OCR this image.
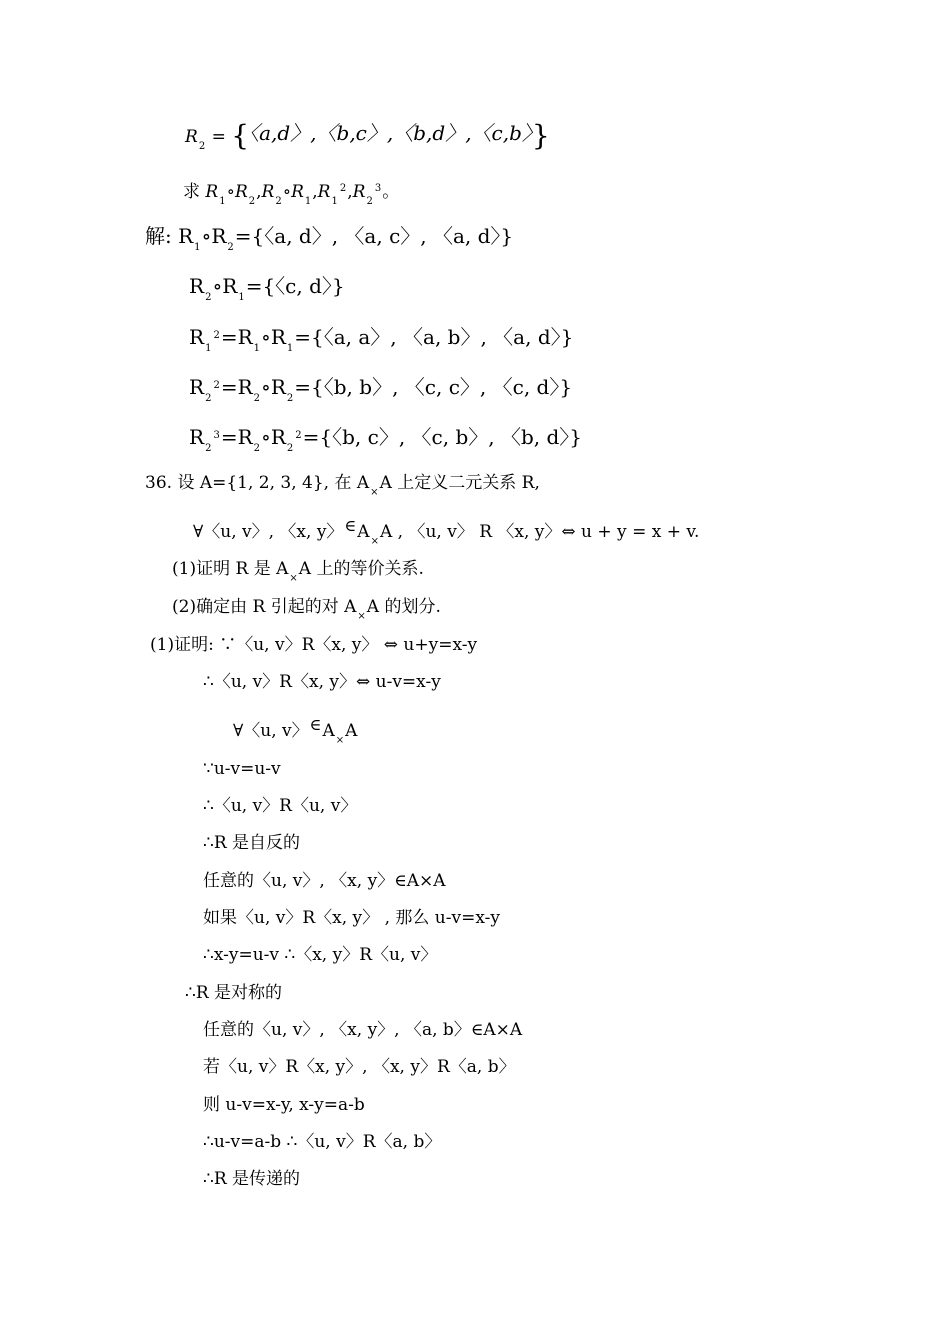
$R_2$ = {〈a,d〉,〈b,c〉,〈b,d〉,〈c,b〉}
求 $R_1\circ R_2,R_2\circ R_1,R_1^2,R_2^3$。
解: $R_1\circ R_2=${〈a, d〉, 〈a, c〉, 〈a, d〉}
$R_2\circ R_1=${〈c, d〉}
$R_1^2=R_1\circ R_1=${〈a, a〉, 〈a, b〉, 〈a, d〉}
$R_2^2=R_2\circ R_2=${〈b, b〉, 〈c, c〉, 〈c, d〉}
$R_2^3=R_2\circ R_2^2=${〈b, c〉, 〈c, b〉, 〈b, d〉}
36. 设 A={1, 2, 3, 4}, 在 $A_\times A$ 上定义二元关系 R,
∀〈u, v〉, 〈x, y〉$^\in A_\times A$ , 〈u, v〉 R 〈x, y〉⇔ u + y = x + v.
(1)证明 R 是 $A_\times A$ 上的等价关系.
(2)确定由 R 引起的对 $A_\times A$ 的划分.
(1)证明: ∵〈u, v〉R〈x, y〉 ⇔ u+y=x-y
∴〈u, v〉R〈x, y〉⇔ u-v=x-y
∀〈u, v〉$^\in A_\times A$
∵u-v=u-v
∴〈u, v〉R〈u, v〉
∴R 是自反的
任意的〈u, v〉, 〈x, y〉∈A×A
如果〈u, v〉R〈x, y〉 , 那么 u-v=x-y
∴x-y=u-v ∴〈x, y〉R〈u, v〉
∴R 是对称的
任意的〈u, v〉, 〈x, y〉, 〈a, b〉∈A×A
若〈u, v〉R〈x, y〉, 〈x, y〉R〈a, b〉
则 u-v=x-y, x-y=a-b
∴u-v=a-b ∴〈u, v〉R〈a, b〉
∴R 是传递的
